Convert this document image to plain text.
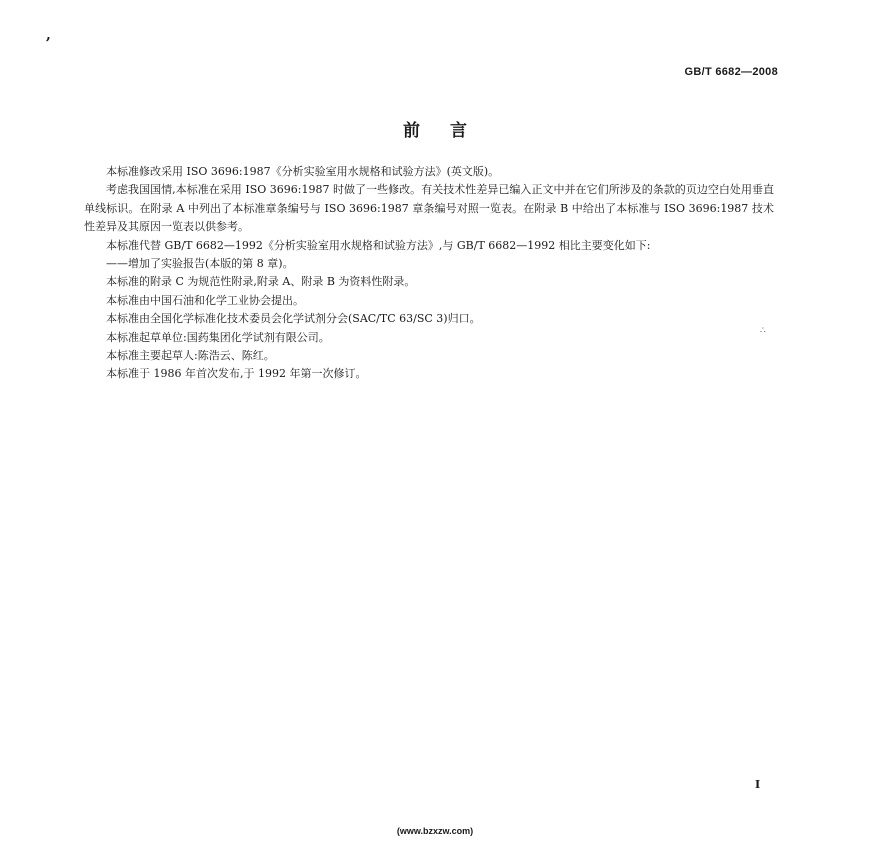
,
GB/T 6682—2008
前言

本标准修改采用 ISO 3696:1987《分析实验室用水规格和试验方法》(英文版)。

考虑我国国情,本标准在采用 ISO 3696:1987 时做了一些修改。有关技术性差异已编入正文中并在它们所涉及的条款的页边空白处用垂直单线标识。在附录 A 中列出了本标准章条编号与 ISO 3696:1987 章条编号对照一览表。在附录 B 中给出了本标准与 ISO 3696:1987 技术性差异及其原因一览表以供参考。

本标准代替 GB/T 6682—1992《分析实验室用水规格和试验方法》,与 GB/T 6682—1992 相比主要变化如下:

——增加了实验报告(本版的第 8 章)。

本标准的附录 C 为规范性附录,附录 A、附录 B 为资料性附录。

本标准由中国石油和化学工业协会提出。

本标准由全国化学标准化技术委员会化学试剂分会(SAC/TC 63/SC 3)归口。

本标准起草单位:国药集团化学试剂有限公司。

本标准主要起草人:陈浩云、陈红。

本标准于 1986 年首次发布,于 1992 年第一次修订。

∴
I
(www.bzxzw.com)
